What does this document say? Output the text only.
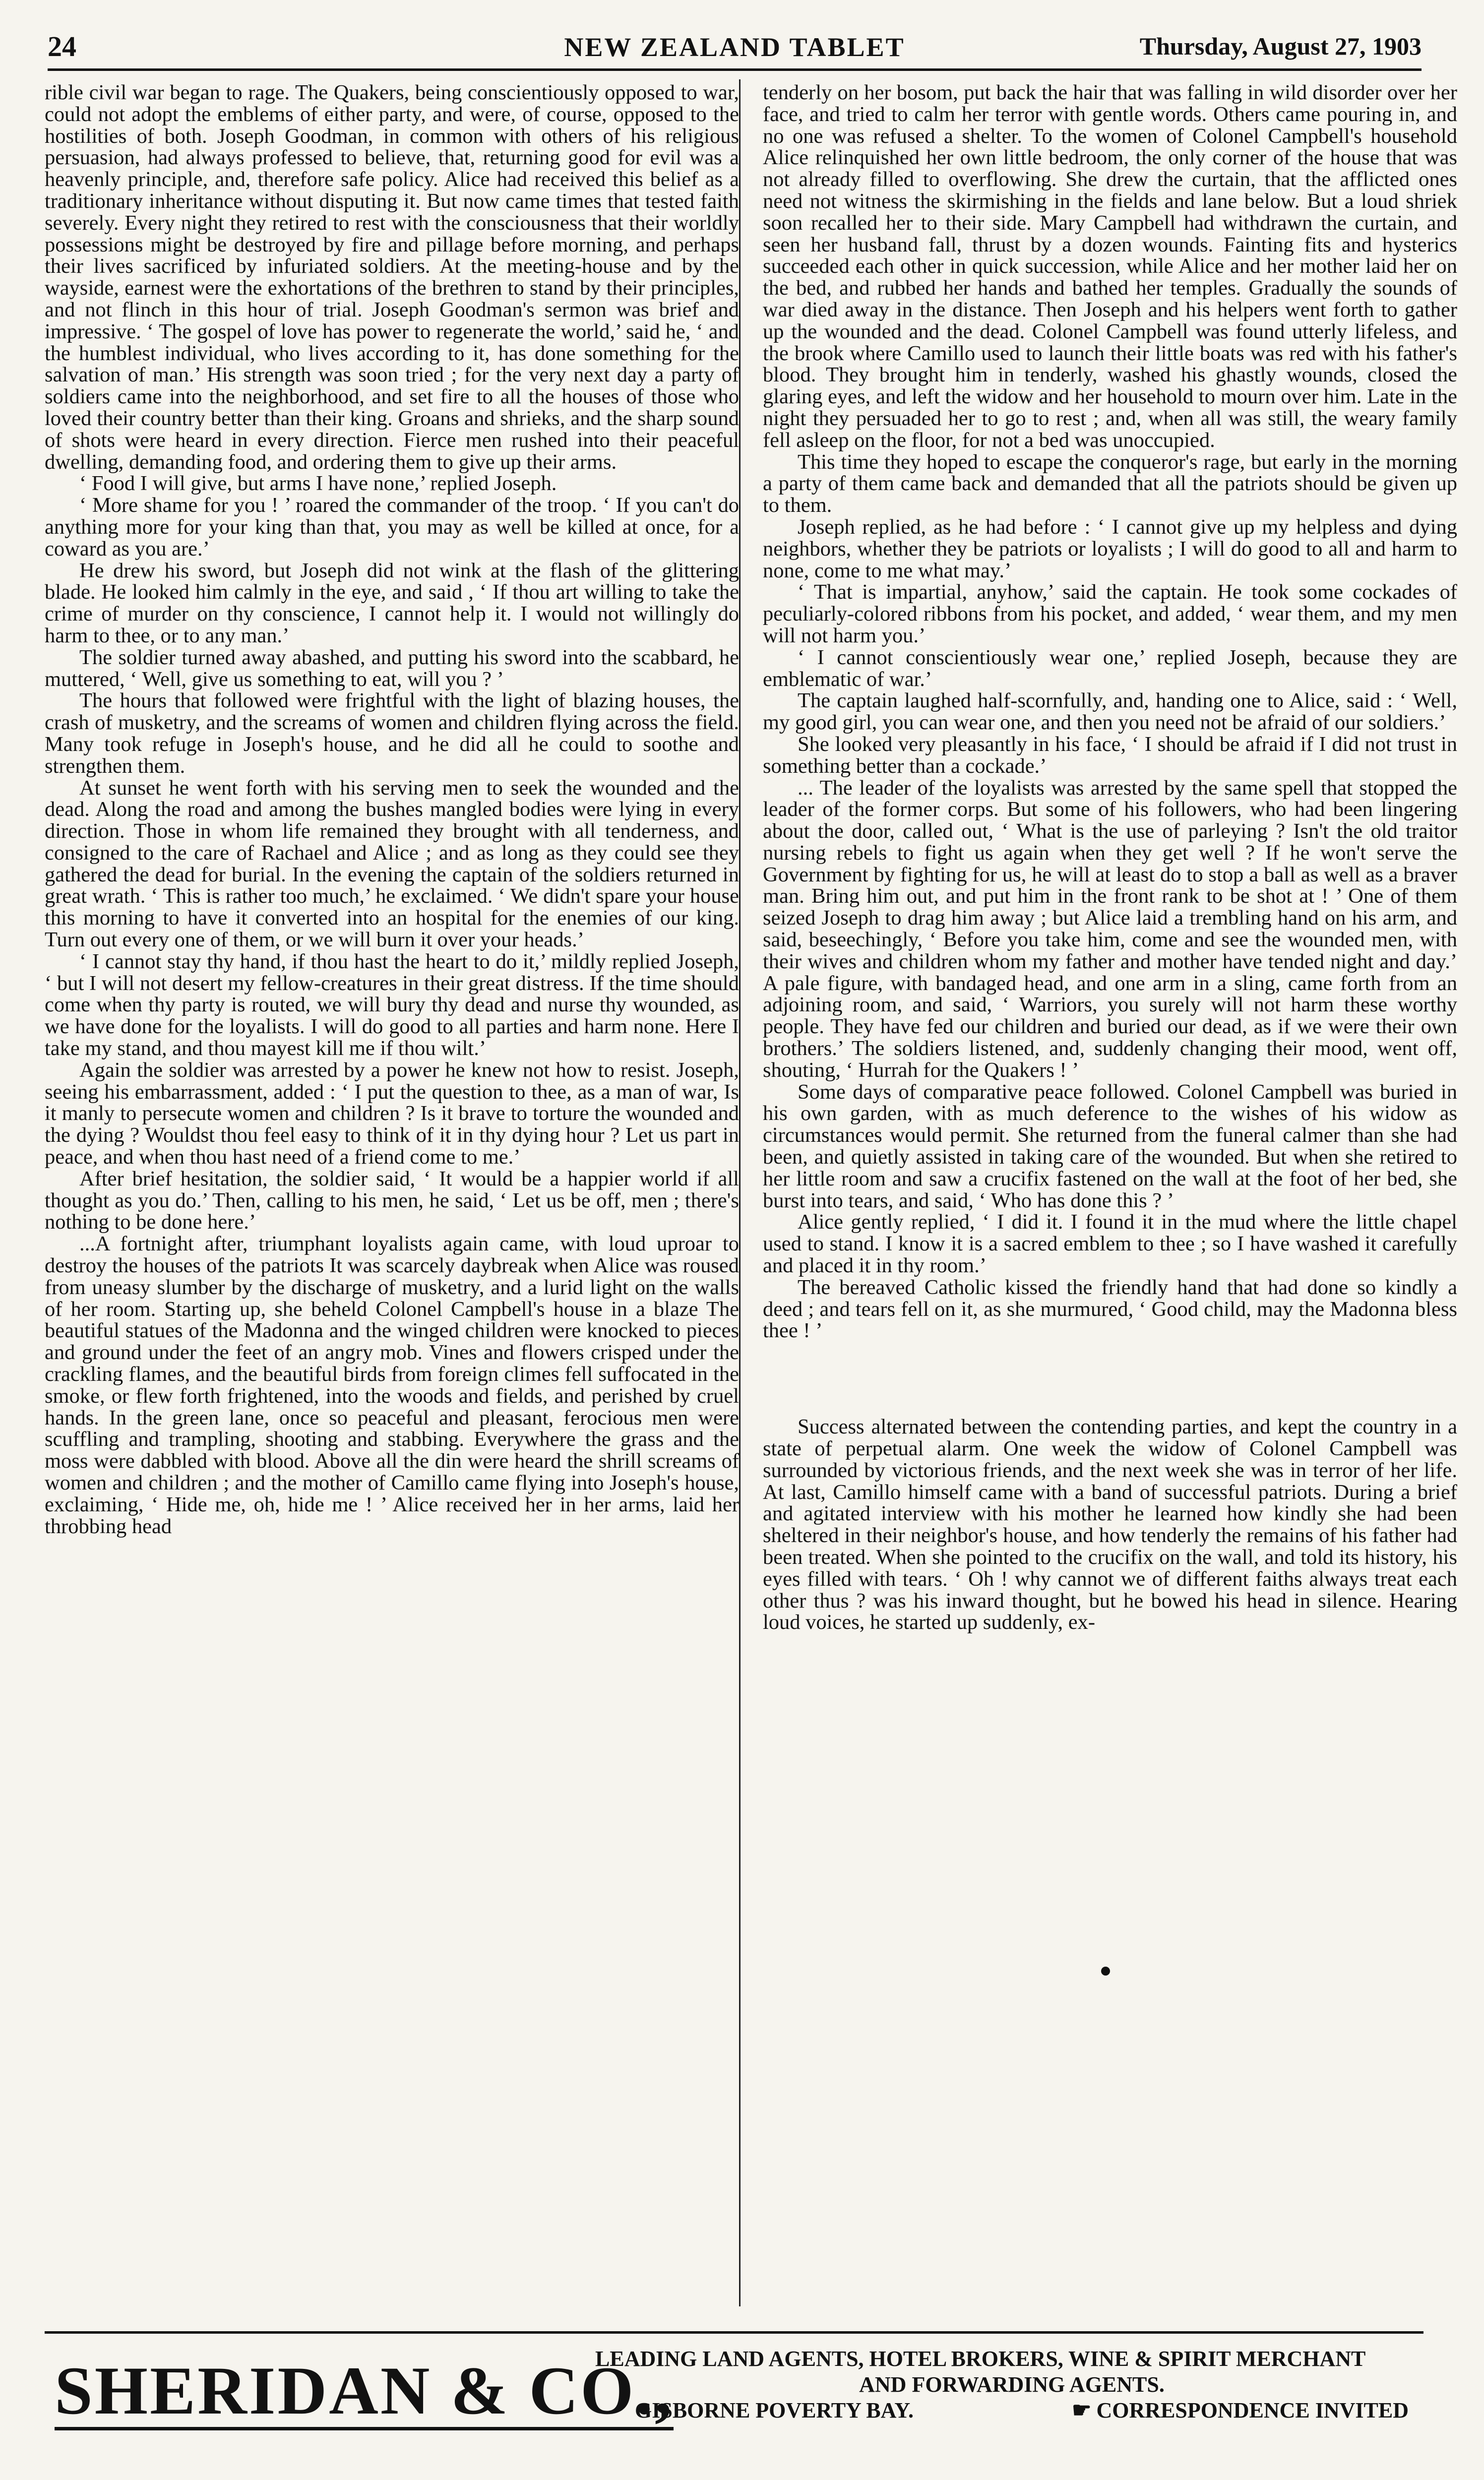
24	NEW ZEALAND TABLET	Thursday, August 27, 1903

rible civil war began to rage. The Quakers, being conscientiously opposed to war, could not adopt the emblems of either party, and were, of course, opposed to the hostilities of both. Joseph Goodman, in common with others of his religious persuasion, had always professed to believe, that, returning good for evil was a heavenly principle, and, therefore safe policy. Alice had received this belief as a traditionary inheritance without disputing it. But now came times that tested faith severely. Every night they retired to rest with the consciousness that their worldly possessions might be destroyed by fire and pillage before morning, and perhaps their lives sacrificed by infuriated soldiers. At the meeting-house and by the wayside, earnest were the exhortations of the brethren to stand by their principles, and not flinch in this hour of trial. Joseph Goodman's sermon was brief and impressive. ‘ The gospel of love has power to regenerate the world,’ said he, ‘ and the humblest individual, who lives according to it, has done something for the salvation of man.’ His strength was soon tried ; for the very next day a party of soldiers came into the neighborhood, and set fire to all the houses of those who loved their country better than their king. Groans and shrieks, and the sharp sound of shots were heard in every direction. Fierce men rushed into their peaceful dwelling, demanding food, and ordering them to give up their arms.

‘ Food I will give, but arms I have none,’ replied Joseph.

‘ More shame for you ! ’ roared the commander of the troop. ‘ If you can't do anything more for your king than that, you may as well be killed at once, for a coward as you are.’

He drew his sword, but Joseph did not wink at the flash of the glittering blade. He looked him calmly in the eye, and said , ‘ If thou art willing to take the crime of murder on thy conscience, I cannot help it. I would not willingly do harm to thee, or to any man.’

The soldier turned away abashed, and putting his sword into the scabbard, he muttered, ‘ Well, give us something to eat, will you ? ’

The hours that followed were frightful with the light of blazing houses, the crash of musketry, and the screams of women and children flying across the field. Many took refuge in Joseph's house, and he did all he could to soothe and strengthen them.

At sunset he went forth with his serving men to seek the wounded and the dead. Along the road and among the bushes mangled bodies were lying in every direction. Those in whom life remained they brought with all tenderness, and consigned to the care of Rachael and Alice ; and as long as they could see they gathered the dead for burial. In the evening the captain of the soldiers returned in great wrath. ‘ This is rather too much,’ he exclaimed. ‘ We didn't spare your house this morning to have it converted into an hospital for the enemies of our king. Turn out every one of them, or we will burn it over your heads.’

‘ I cannot stay thy hand, if thou hast the heart to do it,’ mildly replied Joseph, ‘ but I will not desert my fellow-creatures in their great distress. If the time should come when thy party is routed, we will bury thy dead and nurse thy wounded, as we have done for the loyalists. I will do good to all parties and harm none. Here I take my stand, and thou mayest kill me if thou wilt.’

Again the soldier was arrested by a power he knew not how to resist. Joseph, seeing his embarrassment, added : ‘ I put the question to thee, as a man of war, Is it manly to persecute women and children ? Is it brave to torture the wounded and the dying ? Wouldst thou feel easy to think of it in thy dying hour ? Let us part in peace, and when thou hast need of a friend come to me.’

After brief hesitation, the soldier said, ‘ It would be a happier world if all thought as you do.’ Then, calling to his men, he said, ‘ Let us be off, men ; there's nothing to be done here.’

...A fortnight after, triumphant loyalists again came, with loud uproar to destroy the houses of the patriots It was scarcely daybreak when Alice was roused from uneasy slumber by the discharge of musketry, and a lurid light on the walls of her room. Starting up, she beheld Colonel Campbell's house in a blaze The beautiful statues of the Madonna and the winged children were knocked to pieces and ground under the feet of an angry mob. Vines and flowers crisped under the crackling flames, and the beautiful birds from foreign climes fell suffocated in the smoke, or flew forth frightened, into the woods and fields, and perished by cruel hands. In the green lane, once so peaceful and pleasant, ferocious men were scuffling and trampling, shooting and stabbing. Everywhere the grass and the moss were dabbled with blood. Above all the din were heard the shrill screams of women and children ; and the mother of Camillo came flying into Joseph's house, exclaiming, ‘ Hide me, oh, hide me ! ’ Alice received her in her arms, laid her throbbing head

tenderly on her bosom, put back the hair that was falling in wild disorder over her face, and tried to calm her terror with gentle words. Others came pouring in, and no one was refused a shelter. To the women of Colonel Campbell's household Alice relinquished her own little bedroom, the only corner of the house that was not already filled to overflowing. She drew the curtain, that the afflicted ones need not witness the skirmishing in the fields and lane below. But a loud shriek soon recalled her to their side. Mary Campbell had withdrawn the curtain, and seen her husband fall, thrust by a dozen wounds. Fainting fits and hysterics succeeded each other in quick succession, while Alice and her mother laid her on the bed, and rubbed her hands and bathed her temples. Gradually the sounds of war died away in the distance. Then Joseph and his helpers went forth to gather up the wounded and the dead. Colonel Campbell was found utterly lifeless, and the brook where Camillo used to launch their little boats was red with his father's blood. They brought him in tenderly, washed his ghastly wounds, closed the glaring eyes, and left the widow and her household to mourn over him. Late in the night they persuaded her to go to rest ; and, when all was still, the weary family fell asleep on the floor, for not a bed was unoccupied.

This time they hoped to escape the conqueror's rage, but early in the morning a party of them came back and demanded that all the patriots should be given up to them.

Joseph replied, as he had before : ‘ I cannot give up my helpless and dying neighbors, whether they be patriots or loyalists ; I will do good to all and harm to none, come to me what may.’

‘ That is impartial, anyhow,’ said the captain. He took some cockades of peculiarly-colored ribbons from his pocket, and added, ‘ wear them, and my men will not harm you.’

‘ I cannot conscientiously wear one,’ replied Joseph, because they are emblematic of war.’

The captain laughed half-scornfully, and, handing one to Alice, said : ‘ Well, my good girl, you can wear one, and then you need not be afraid of our soldiers.’

She looked very pleasantly in his face, ‘ I should be afraid if I did not trust in something better than a cockade.’

... The leader of the loyalists was arrested by the same spell that stopped the leader of the former corps. But some of his followers, who had been lingering about the door, called out, ‘ What is the use of parleying ? Isn't the old traitor nursing rebels to fight us again when they get well ? If he won't serve the Government by fighting for us, he will at least do to stop a ball as well as a braver man. Bring him out, and put him in the front rank to be shot at ! ’ One of them seized Joseph to drag him away ; but Alice laid a trembling hand on his arm, and said, beseechingly, ‘ Before you take him, come and see the wounded men, with their wives and children whom my father and mother have tended night and day.’ A pale figure, with bandaged head, and one arm in a sling, came forth from an adjoining room, and said, ‘ Warriors, you surely will not harm these worthy people. They have fed our children and buried our dead, as if we were their own brothers.’ The soldiers listened, and, suddenly changing their mood, went off, shouting, ‘ Hurrah for the Quakers ! ’

Some days of comparative peace followed. Colonel Campbell was buried in his own garden, with as much deference to the wishes of his widow as circumstances would permit. She returned from the funeral calmer than she had been, and quietly assisted in taking care of the wounded. But when she retired to her little room and saw a crucifix fastened on the wall at the foot of her bed, she burst into tears, and said, ‘ Who has done this ? ’

Alice gently replied, ‘ I did it. I found it in the mud where the little chapel used to stand. I know it is a sacred emblem to thee ; so I have washed it carefully and placed it in thy room.’

The bereaved Catholic kissed the friendly hand that had done so kindly a deed ; and tears fell on it, as she murmured, ‘ Good child, may the Madonna bless thee ! ’

Success alternated between the contending parties, and kept the country in a state of perpetual alarm. One week the widow of Colonel Campbell was surrounded by victorious friends, and the next week she was in terror of her life. At last, Camillo himself came with a band of successful patriots. During a brief and agitated interview with his mother he learned how kindly she had been sheltered in their neighbor's house, and how tenderly the remains of his father had been treated. When she pointed to the crucifix on the wall, and told its history, his eyes filled with tears. ‘ Oh ! why cannot we of different faiths always treat each other thus ? was his inward thought, but he bowed his head in silence. Hearing loud voices, he started up suddenly, ex-

SHERIDAN & CO.,
LEADING LAND AGENTS, HOTEL BROKERS, WINE & SPIRIT MERCHANT
AND FORWARDING AGENTS.
GISBORNE POVERTY BAY.	☛ CORRESPONDENCE INVITED
